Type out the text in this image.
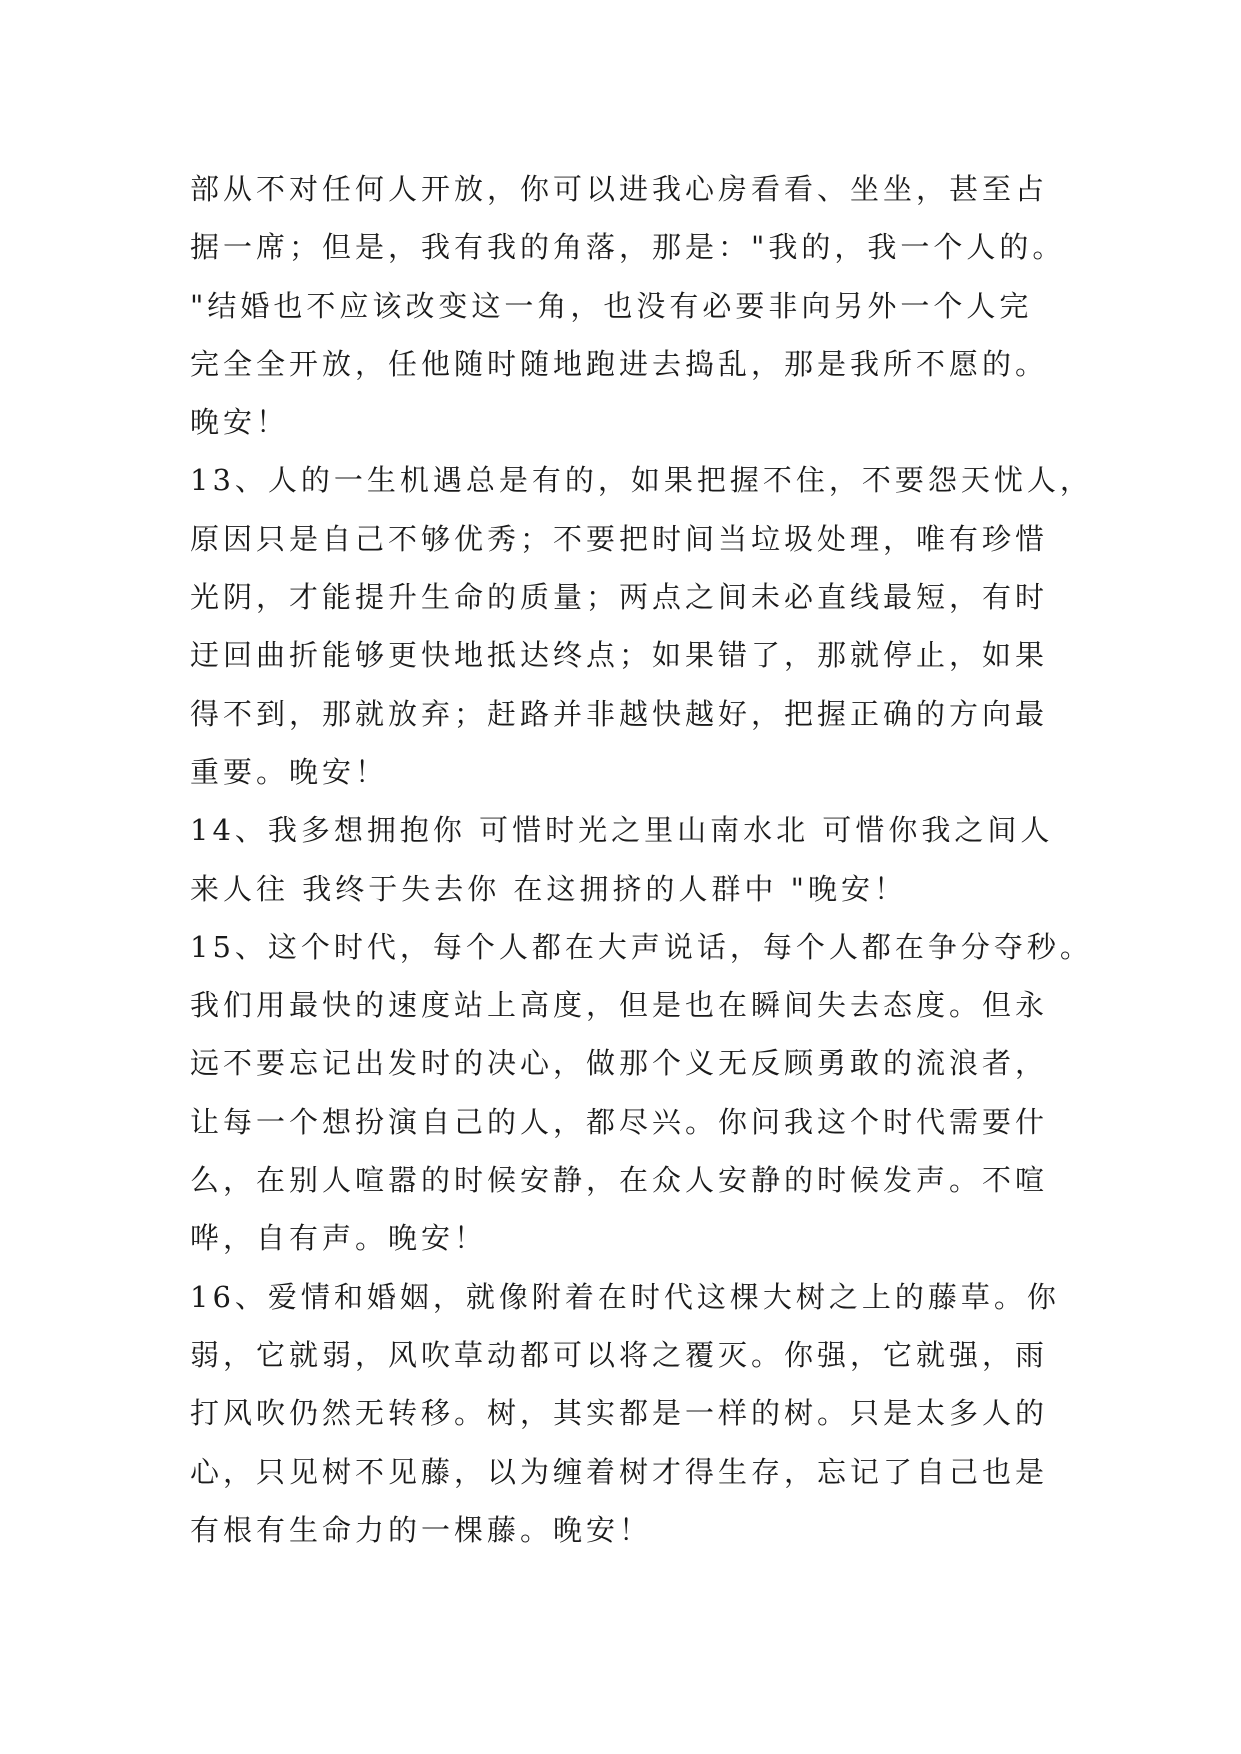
部从不对任何人开放，你可以进我心房看看、坐坐，甚至占
据一席；但是，我有我的角落，那是："我的，我一个人的。
"结婚也不应该改变这一角，也没有必要非向另外一个人完
完全全开放，任他随时随地跑进去捣乱，那是我所不愿的。
晚安！
13、人的一生机遇总是有的，如果把握不住，不要怨天忧人，
原因只是自己不够优秀；不要把时间当垃圾处理，唯有珍惜
光阴，才能提升生命的质量；两点之间未必直线最短，有时
迂回曲折能够更快地抵达终点；如果错了，那就停止，如果
得不到，那就放弃；赶路并非越快越好，把握正确的方向最
重要。晚安！
14、我多想拥抱你 可惜时光之里山南水北 可惜你我之间人
来人往 我终于失去你 在这拥挤的人群中 "晚安！
15、这个时代，每个人都在大声说话，每个人都在争分夺秒。
我们用最快的速度站上高度，但是也在瞬间失去态度。但永
远不要忘记出发时的决心，做那个义无反顾勇敢的流浪者，
让每一个想扮演自己的人，都尽兴。你问我这个时代需要什
么，在别人喧嚣的时候安静，在众人安静的时候发声。不喧
哗，自有声。晚安！
16、爱情和婚姻，就像附着在时代这棵大树之上的藤草。你
弱，它就弱，风吹草动都可以将之覆灭。你强，它就强，雨
打风吹仍然无转移。树，其实都是一样的树。只是太多人的
心，只见树不见藤，以为缠着树才得生存，忘记了自己也是
有根有生命力的一棵藤。晚安！
